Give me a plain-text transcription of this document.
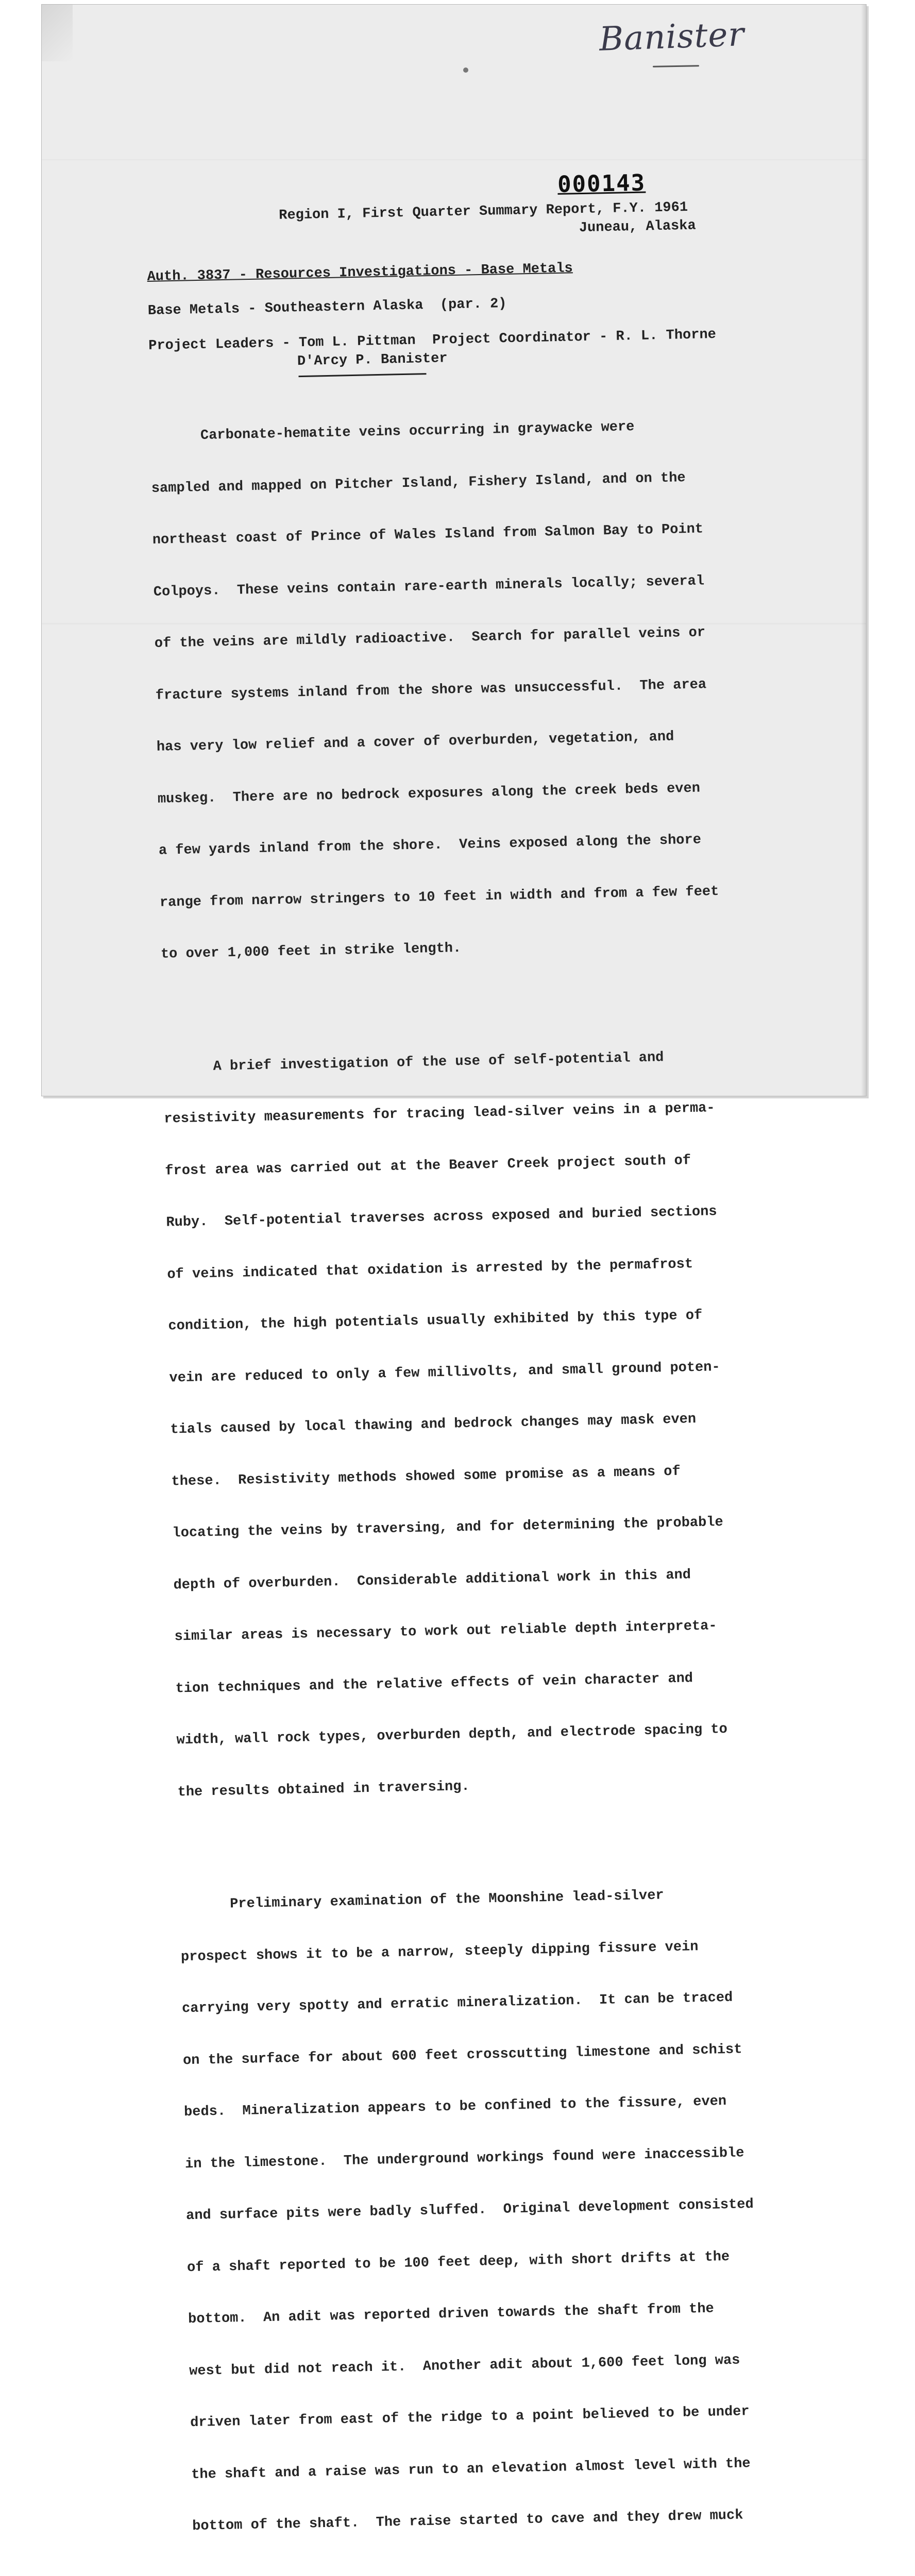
Banister
000143
Region I, First Quarter Summary Report, F.Y. 1961
Juneau, Alaska
Auth. 3837 - Resources Investigations - Base Metals
Base Metals - Southeastern Alaska  (par. 2)
Project Leaders - Tom L. Pittman Project Coordinator - R. L. Thorne
D'Arcy P. Banister

Carbonate-hematite veins occurring in graywacke were

sampled and mapped on Pitcher Island, Fishery Island, and on the

northeast coast of Prince of Wales Island from Salmon Bay to Point

Colpoys.  These veins contain rare-earth minerals locally; several

of the veins are mildly radioactive.  Search for parallel veins or

fracture systems inland from the shore was unsuccessful.  The area

has very low relief and a cover of overburden, vegetation, and

muskeg.  There are no bedrock exposures along the creek beds even

a few yards inland from the shore.  Veins exposed along the shore

range from narrow stringers to 10 feet in width and from a few feet

to over 1,000 feet in strike length.

A brief investigation of the use of self-potential and

resistivity measurements for tracing lead-silver veins in a perma-

frost area was carried out at the Beaver Creek project south of

Ruby.  Self-potential traverses across exposed and buried sections

of veins indicated that oxidation is arrested by the permafrost

condition, the high potentials usually exhibited by this type of

vein are reduced to only a few millivolts, and small ground poten-

tials caused by local thawing and bedrock changes may mask even

these.  Resistivity methods showed some promise as a means of

locating the veins by traversing, and for determining the probable

depth of overburden.  Considerable additional work in this and

similar areas is necessary to work out reliable depth interpreta-

tion techniques and the relative effects of vein character and

width, wall rock types, overburden depth, and electrode spacing to

the results obtained in traversing.

Preliminary examination of the Moonshine lead-silver

prospect shows it to be a narrow, steeply dipping fissure vein

carrying very spotty and erratic mineralization.  It can be traced

on the surface for about 600 feet crosscutting limestone and schist

beds.  Mineralization appears to be confined to the fissure, even

in the limestone.  The underground workings found were inaccessible

and surface pits were badly sluffed.  Original development consisted

of a shaft reported to be 100 feet deep, with short drifts at the

bottom.  An adit was reported driven towards the shaft from the

west but did not reach it.  Another adit about 1,600 feet long was

driven later from east of the ridge to a point believed to be under

the shaft and a raise was run to an elevation almost level with the

bottom of the shaft.  The raise started to cave and they drew muck
